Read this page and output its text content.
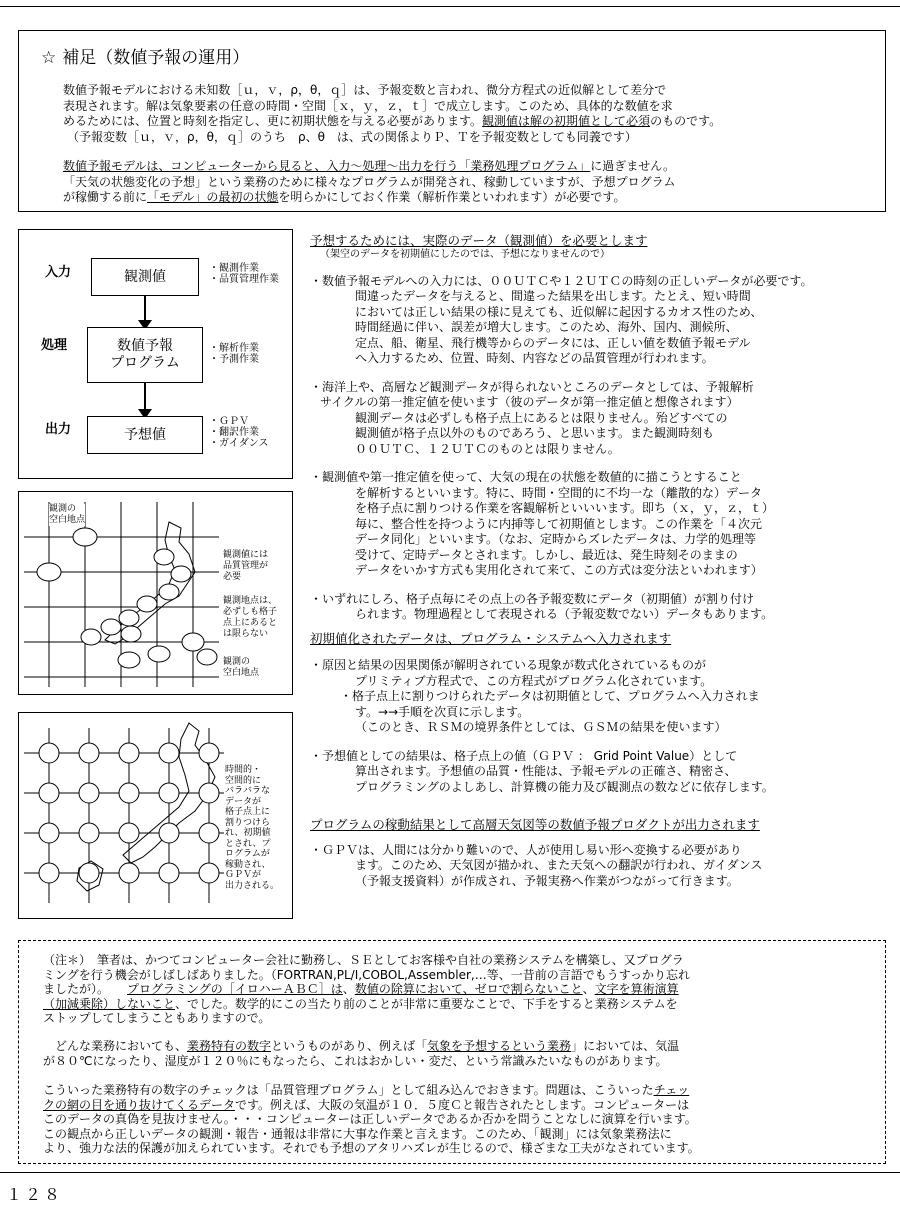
☆ 補足（数値予報の運用）
数値予報モデルにおける未知数［ｕ，ｖ，ρ，θ，ｑ］は、予報変数と言われ、微分方程式の近似解として差分で
表現されます。解は気象要素の任意の時間・空間［ｘ，ｙ，ｚ，ｔ］で成立します。このため、具体的な数値を求
めるためには、位置と時刻を指定し、更に初期状態を与える必要があります。観測値は解の初期値として必須のものです。
（予報変数［ｕ，ｖ，ρ，θ，ｑ］のうち　ρ、θ　は、式の関係よりＰ、Ｔを予報変数としても同義です）
数値予報モデルは、コンピューターから見ると、入力～処理～出力を行う「業務処理プログラム」に過ぎません。
「天気の状態変化の予想」という業務のために様々なプログラムが開発され、稼動していますが、予想プログラム
が稼働する前に「モデル」の最初の状態を明らかにしておく作業（解析作業といわれます）が必要です。
入力
処理
出力
観測値
数値予報
プログラム
予想値
・観測作業
・品質管理作業
・解析作業
・予測作業
・ＧＰＶ
・翻訳作業
・ガイダンス
観測の
空白地点
観測値には
品質管理が
必要
観測地点は、
必ずしも格子
点上にあると
は限らない
観測の
空白地点
時間的・
空間的に
バラバラな
データが
格子点上に
割りつけら
れ、初期値
とされ、プ
ログラムが
稼動され、
ＧＰＶが
出力される。
予想するためには、実際のデータ（観測値）を必要とします
（架空のデータを初期値にしたのでは、予想になりませんので）
・数値予報モデルへの入力には、００ＵＴＣや１２ＵＴＣの時刻の正しいデータが必要です。
間違ったデータを与えると、間違った結果を出します。たとえ、短い時間
においては正しい結果の様に見えても、近似解に起因するカオス性のため、
時間経過に伴い、誤差が増大します。このため、海外、国内、測候所、
定点、船、衛星、飛行機等からのデータには、正しい値を数値予報モデル
へ入力するため、位置、時刻、内容などの品質管理が行われます。
・海洋上や、高層など観測データが得られないところのデータとしては、予報解析
サイクルの第一推定値を使います（彼のデータが第一推定値と想像されます）
観測データは必ずしも格子点上にあるとは限りません。殆どすべての
観測値が格子点以外のものであろう、と思います。また観測時刻も
００ＵＴＣ、１２ＵＴＣのものとは限りません。
・観測値や第一推定値を使って、大気の現在の状態を数値的に描こうとすること
を解析するといいます。特に、時間・空間的に不均一な（離散的な）データ
を格子点に割りつける作業を客観解析といいいます。即ち（ｘ，ｙ，ｚ，ｔ）
毎に、整合性を持つように内挿等して初期値とします。この作業を「４次元
データ同化」といいます。（なお、定時からズレたデータは、力学的処理等
受けて、定時データとされます。しかし、最近は、発生時刻そのままの
データをいかす方式も実用化されて来て、この方式は変分法といわれます）
・いずれにしろ、格子点毎にその点上の各予報変数にデータ（初期値）が割り付け
られます。物理過程として表現される（予報変数でない）データもあります。
初期値化されたデータは、プログラム・システムへ入力されます
・原因と結果の因果関係が解明されている現象が数式化されているものが
プリミティブ方程式で、この方程式がプログラム化されています。
・格子点上に割りつけられたデータは初期値として、プログラムへ入力されま
す。→→手順を次頁に示します。
（このとき、ＲＳＭの境界条件としては、ＧＳＭの結果を使います）
・予想値としての結果は、格子点上の値（ＧＰＶ ： Grid Point Value）として
算出されます。予想値の品質・性能は、予報モデルの正確さ、精密さ、
プログラミングのよしあし、計算機の能力及び観測点の数などに依存します。
プログラムの稼動結果として高層天気図等の数値予報プロダクトが出力されます
・ＧＰＶは、人間には分かり難いので、人が使用し易い形へ変換する必要があり
ます。このため、天気図が描かれ、また天気への翻訳が行われ、ガイダンス
（予報支援資料）が作成され、予報実務へ作業がつながって行きます。
（注＊）　筆者は、かつてコンピューター会社に勤務し、ＳＥとしてお客様や自社の業務システムを構築し、又プログラ
ミングを行う機会がしばしばありました。（FORTRAN,PL/I,COBOL,Assembler,…等、一昔前の言語でもうすっかり忘れ
ましたが）。　　 プログラミングの［イロハーＡＢＣ］は、数値の除算において、ゼロで割らないこと、文字を算術演算
（加減乗除）しないこと、でした。数学的にこの当たり前のことが非常に重要なことで、下手をすると業務システムを
ストップしてしまうこともありますので。
どんな業務においても、業務特有の数字というものがあり、例えば「気象を予想するという業務」においては、気温
が８０℃になったり、湿度が１２０％にもなったら、これはおかしい・変だ、という常識みたいなものがあります。
こういった業務特有の数字のチェックは「品質管理プログラム」として組み込んでおきます。問題は、こういったチェッ
クの網の目を通り抜けてくるデータです。例えば、大阪の気温が１０．５度Ｃと報告されたとします。コンピューターは
このデータの真偽を見抜けません。・・・コンピューターは正しいデータであるか否かを問うことなしに演算を行います。
この観点から正しいデータの観測・報告・通報は非常に大事な作業と言えます。このため、「観測」には気象業務法に
より、強力な法的保護が加えられています。それでも予想のアタリハズレが生じるので、様ざまな工夫がなされています。
１２８
